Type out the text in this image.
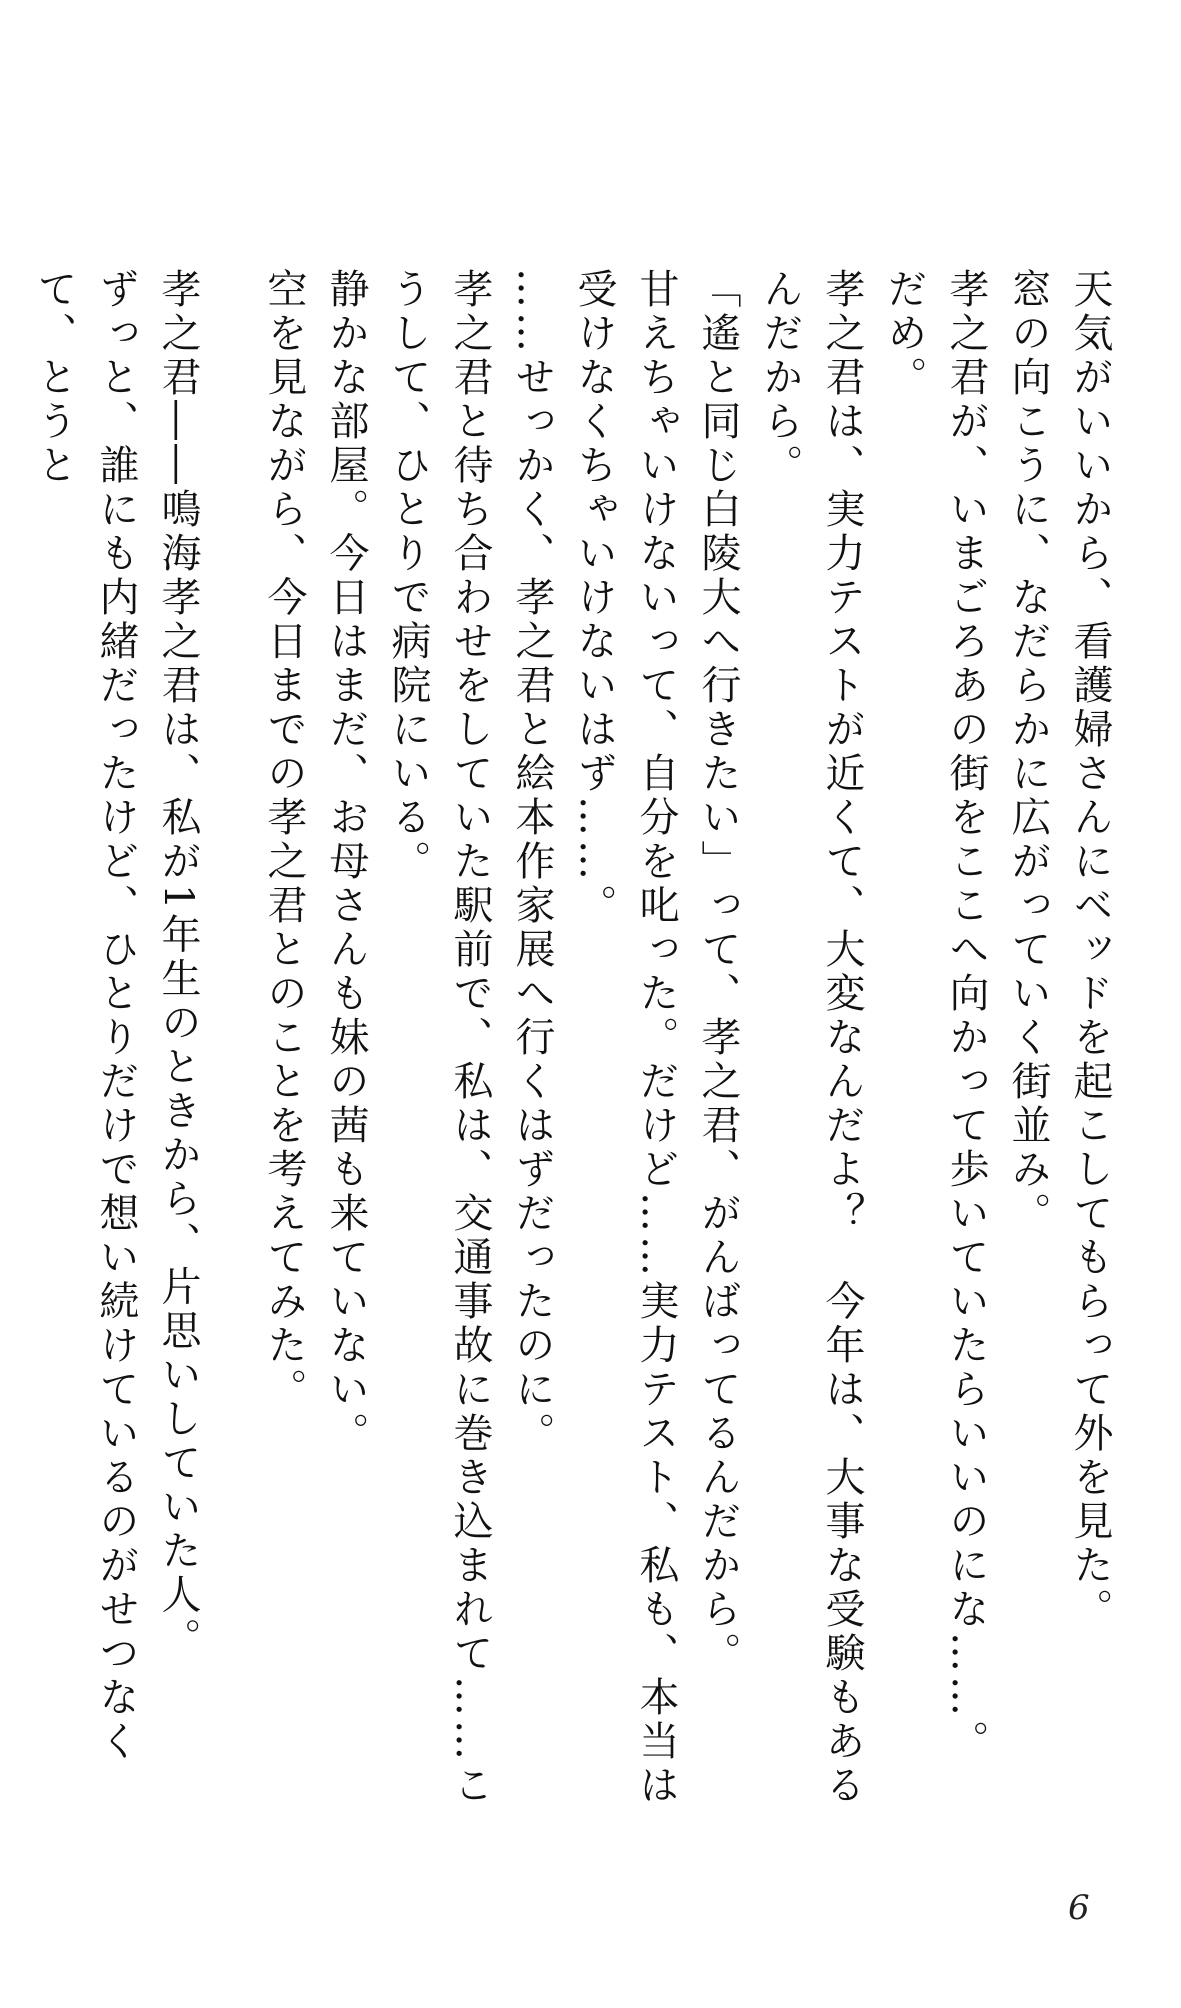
天気がいいから、看護婦さんにベッドを起こしてもらって外を見た。

窓の向こうに、なだらかに広がっていく街並み。

孝之君が、いまごろあの街をここへ向かって歩いていたらいいのにな……。

だめ。

孝之君は、実力テストが近くて、大変なんだよ？　今年は、大事な受験もあるんだから。

「遙と同じ白陵大へ行きたい」って、孝之君、がんばってるんだから。

甘えちゃいけないって、自分を叱った。だけど……実力テスト、私も、本当は受けなくちゃいけないはず……。

……せっかく、孝之君と絵本作家展へ行くはずだったのに。

孝之君と待ち合わせをしていた駅前で、私は、交通事故に巻き込まれて……こうして、ひとりで病院にいる。

静かな部屋。今日はまだ、お母さんも妹の茜も来ていない。

空を見ながら、今日までの孝之君とのことを考えてみた。

孝之君――鳴海孝之君は、私が1年生のときから、片思いしていた人。

ずっと、誰にも内緒だったけど、ひとりだけで想い続けているのがせつなくて、とうと

6
